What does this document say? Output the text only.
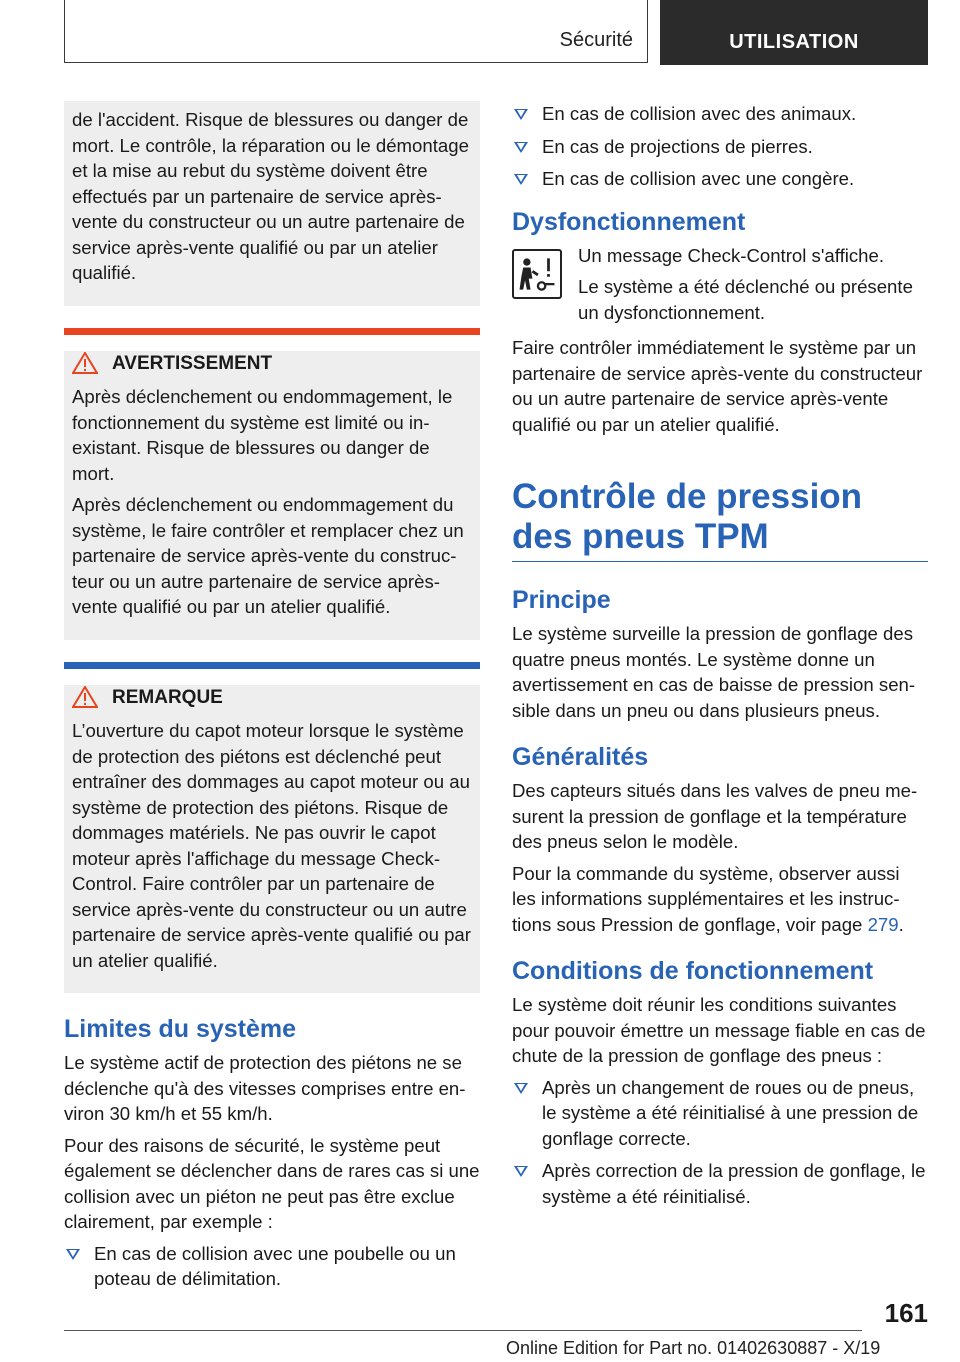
Sécurité	UTILISATION

de l'accident. Risque de blessures ou danger de mort. Le contrôle, la réparation ou le démontage et la mise au rebut du système doivent être effectués par un partenaire de service après-vente du constructeur ou un autre partenaire de service après-vente qualifié ou par un atelier qualifié.

AVERTISSEMENT

Après déclenchement ou endommagement, le fonctionnement du système est limité ou inexistant. Risque de blessures ou danger de mort.

Après déclenchement ou endommagement du système, le faire contrôler et remplacer chez un partenaire de service après-vente du constructeur ou un autre partenaire de service après-vente qualifié ou par un atelier qualifié.

REMARQUE

L’ouverture du capot moteur lorsque le système de protection des piétons est déclenché peut entraîner des dommages au capot moteur ou au système de protection des piétons. Risque de dommages matériels. Ne pas ouvrir le capot moteur après l'affichage du message Check-Control. Faire contrôler par un partenaire de service après-vente du constructeur ou un autre partenaire de service après-vente qualifié ou par un atelier qualifié.

Limites du système

Le système actif de protection des piétons ne se déclenche qu'à des vitesses comprises entre environ 30 km/h et 55 km/h.

Pour des raisons de sécurité, le système peut également se déclencher dans de rares cas si une collision avec un piéton ne peut pas être exclue clairement, par exemple :

En cas de collision avec une poubelle ou un poteau de délimitation.
En cas de collision avec des animaux.
En cas de projections de pierres.
En cas de collision avec une congère.
Dysfonctionnement

Un message Check-Control s'affiche.

Le système a été déclenché ou présente un dysfonctionnement.

Faire contrôler immédiatement le système par un partenaire de service après-vente du constructeur ou un autre partenaire de service après-vente qualifié ou par un atelier qualifié.

Contrôle de pression des pneus TPM
Principe

Le système surveille la pression de gonflage des quatre pneus montés. Le système donne un avertissement en cas de baisse de pression sensible dans un pneu ou dans plusieurs pneus.

Généralités

Des capteurs situés dans les valves de pneu mesurent la pression de gonflage et la température des pneus selon le modèle.

Pour la commande du système, observer aussi les informations supplémentaires et les instructions sous Pression de gonflage, voir page 279.

Conditions de fonctionnement

Le système doit réunir les conditions suivantes pour pouvoir émettre un message fiable en cas de chute de la pression de gonflage des pneus :

Après un changement de roues ou de pneus, le système a été réinitialisé à une pression de gonflage correcte.
Après correction de la pression de gonflage, le système a été réinitialisé.
161
Online Edition for Part no. 01402630887 - X/19
